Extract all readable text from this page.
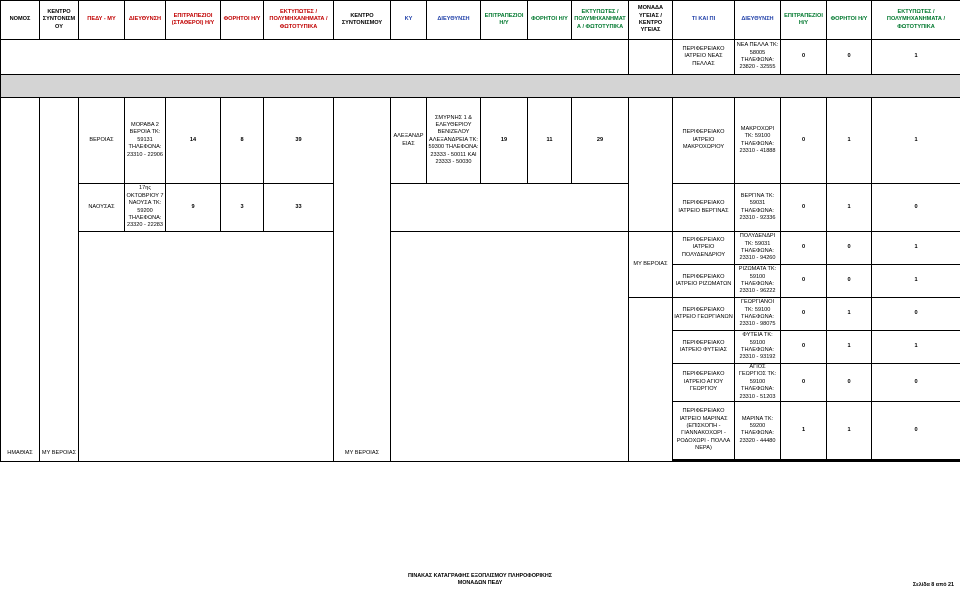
ΝΟΜΟΣ	ΚΕΝΤΡΟ ΣΥΝΤΟΝΙΣΜΟΥ	ΠΕΔΥ - ΜΥ	ΔΙΕΥΘΥΝΣΗ	ΕΠΙΤΡΑΠΕΖΙΟΙ (ΣΤΑΘΕΡΟΙ) Η/Υ	ΦΟΡΗΤΟΙ Η/Υ	ΕΚΤΥΠΩΤΕΣ / ΠΟΛΥΜΗΧΑΝΗΜΑΤΑ / ΦΩΤΟΤΥΠΙΚΑ	ΚΕΝΤΡΟ ΣΥΝΤΟΝΙΣΜΟΥ	ΚΥ	ΔΙΕΥΘΥΝΣΗ	ΕΠΙΤΡΑΠΕΖΙΟΙ Η/Υ	ΦΟΡΗΤΟΙ Η/Υ	ΕΚΤΥΠΩΤΕΣ / ΠΟΛΥΜΗΧΑΝΗΜΑΤΑ / ΦΩΤΟΤΥΠΙΚΑ	ΜΟΝΑΔΑ ΥΓΕΙΑΣ / ΚΕΝΤΡΟ ΥΓΕΙΑΣ	ΤΙ ΚΑΙ ΠΙ	ΔΙΕΥΘΥΝΣΗ	ΕΠΙΤΡΑΠΕΖΙΟΙ Η/Υ	ΦΟΡΗΤΟΙ Η/Υ	ΕΚΤΥΠΩΤΕΣ / ΠΟΛΥΜΗΧΑΝΗΜΑΤΑ / ΦΩΤΟΤΥΠΙΚΑ
														ΠΕΡΙΦΕΡΕΙΑΚΟ ΙΑΤΡΕΙΟ ΝΕΑΣ ΠΕΛΛΑΣ	ΝΕΑ ΠΕΛΛΑ ΤΚ: 58005 ΤΗΛΕΦΩΝΑ: 23820 - 32555	0	0	1

ΗΜΑΘΙΑΣ	ΜΥ ΒΕΡΟΙΑΣ	ΒΕΡΟΙΑΣ	ΜΟΡΑΒΑ 2 ΒΕΡΟΙΑ ΤΚ: 59131 ΤΗΛΕΦΩΝΑ: 23310 - 22906	14	8	39	ΜΥ ΒΕΡΟΙΑΣ	ΑΛΕΞΑΝΔΡΕΙΑΣ	ΣΜΥΡΝΗΣ 1 & ΕΛΕΥΘΕΡΙΟΥ ΒΕΝΙΖΕΛΟΥ ΑΛΕΞΑΝΔΡΕΙΑ ΤΚ: 59300 ΤΗΛΕΦΩΝΑ: 23333 - 50011 ΚΑΙ 23333 - 50030	19	11	29		ΠΕΡΙΦΕΡΕΙΑΚΟ ΙΑΤΡΕΙΟ ΜΑΚΡΟΧΩΡΙΟΥ	ΜΑΚΡΟΧΩΡΙ ΤΚ: 59100 ΤΗΛΕΦΩΝΑ: 23310 - 41888	0	1	1
		ΝΑΟΥΣΑΣ	17ης ΟΚΤΩΒΡΙΟΥ 7 ΝΑΟΥΣΑ ΤΚ: 59200 ΤΗΛΕΦΩΝΑ: 23320 - 22283	9	3	33								ΠΕΡΙΦΕΡΕΙΑΚΟ ΙΑΤΡΕΙΟ ΒΕΡΓΙΝΑΣ	ΒΕΡΓΙΝΑ ΤΚ: 59031 ΤΗΛΕΦΩΝΑ: 23310 - 92336	0	1	0
													ΜΥ ΒΕΡΟΙΑΣ	ΠΕΡΙΦΕΡΕΙΑΚΟ ΙΑΤΡΕΙΟ ΠΟΛΥΔΕΝΔΡΙΟΥ	ΠΟΛΥΔΕΝΔΡΙ ΤΚ: 59031 ΤΗΛΕΦΩΝΑ: 23310 - 94260	0	0	1
														ΠΕΡΙΦΕΡΕΙΑΚΟ ΙΑΤΡΕΙΟ ΡΙΖΩΜΑΤΩΝ	ΡΙΖΩΜΑΤΑ ΤΚ: 59100 ΤΗΛΕΦΩΝΑ: 23310 - 96222	0	0	1
														ΠΕΡΙΦΕΡΕΙΑΚΟ ΙΑΤΡΕΙΟ ΓΕΩΡΓΙΑΝΩΝ	ΓΕΩΡΓΙΑΝΟΙ ΤΚ: 59100 ΤΗΛΕΦΩΝΑ: 23310 - 98075	0	1	0
														ΠΕΡΙΦΕΡΕΙΑΚΟ ΙΑΤΡΕΙΟ ΦΥΤΕΙΑΣ	ΦΥΤΕΙΑ ΤΚ: 59100 ΤΗΛΕΦΩΝΑ: 23310 - 93192	0	1	1
														ΠΕΡΙΦΕΡΕΙΑΚΟ ΙΑΤΡΕΙΟ ΑΓΙΟΥ ΓΕΩΡΓΙΟΥ	ΑΓΙΟΣ ΓΕΩΡΓΙΟΣ ΤΚ: 59100 ΤΗΛΕΦΩΝΑ: 23310 - 51203	0	0	0
														ΠΕΡΙΦΕΡΕΙΑΚΟ ΙΑΤΡΕΙΟ ΜΑΡΙΝΑΣ (ΕΠΙΣΚΟΠΗ - ΓΙΑΝΝΑΚΟΧΩΡΙ - ΡΟΔΟΧΩΡΙ - ΠΟΛΛΑ ΝΕΡΑ)	ΜΑΡΙΝΑ ΤΚ: 59200 ΤΗΛΕΦΩΝΑ: 23320 - 44480	1	1	0

ΠΙΝΑΚΑΣ ΚΑΤΑΓΡΑΦΗΣ ΕΞΟΠΛΙΣΜΟΥ ΠΛΗΡΟΦΟΡΙΚΗΣ
ΜΟΝΑΔΩΝ ΠΕΔΥ	Σελίδα 8 από 21
